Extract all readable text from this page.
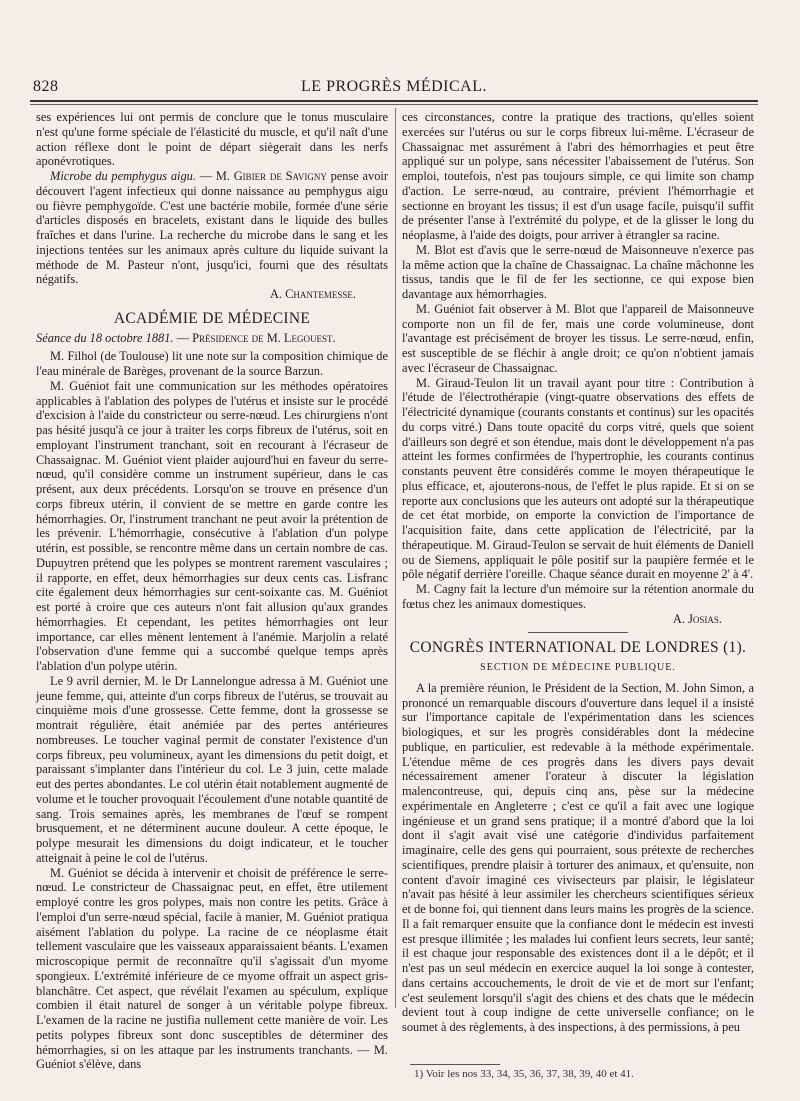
828	LE PROGRÈS MÉDICAL.

ses expériences lui ont permis de conclure que le tonus musculaire n'est qu'une forme spéciale de l'élasticité du muscle, et qu'il naît d'une action réflexe dont le point de départ siègerait dans les nerfs aponévrotiques.

Microbe du pemphygus aigu. — M. Gibier de Savigny pense avoir découvert l'agent infectieux qui donne naissance au pemphygus aigu ou fièvre pemphygoïde. C'est une bactérie mobile, formée d'une série d'articles disposés en bracelets, existant dans le liquide des bulles fraîches et dans l'urine. La recherche du microbe dans le sang et les injections tentées sur les animaux après culture du liquide suivant la méthode de M. Pasteur n'ont, jusqu'ici, fourni que des résultats négatifs.

A. Chantemesse.

ACADÉMIE DE MÉDECINE

Séance du 18 octobre 1881. — Présidence de M. Legouest.

M. Filhol (de Toulouse) lit une note sur la composition chimique de l'eau minérale de Barèges, provenant de la source Barzun.

M. Guéniot fait une communication sur les méthodes opératoires applicables à l'ablation des polypes de l'utérus et insiste sur le procédé d'excision à l'aide du constricteur ou serre-nœud. Les chirurgiens n'ont pas hésité jusqu'à ce jour à traiter les corps fibreux de l'utérus, soit en employant l'instrument tranchant, soit en recourant à l'écraseur de Chassaignac. M. Guéniot vient plaider aujourd'hui en faveur du serre-nœud, qu'il considère comme un instrument supérieur, dans le cas présent, aux deux précédents. Lorsqu'on se trouve en présence d'un corps fibreux utérin, il convient de se mettre en garde contre les hémorrhagies. Or, l'instrument tranchant ne peut avoir la prétention de les prévenir. L'hémorrhagie, consécutive à l'ablation d'un polype utérin, est possible, se rencontre même dans un certain nombre de cas. Dupuytren prétend que les polypes se montrent rarement vasculaires ; il rapporte, en effet, deux hémorrhagies sur deux cents cas. Lisfranc cite également deux hémorrhagies sur cent-soixante cas. M. Guéniot est porté à croire que ces auteurs n'ont fait allusion qu'aux grandes hémorrhagies. Et cependant, les petites hémorrhagies ont leur importance, car elles mènent lentement à l'anémie. Marjolin a relaté l'observation d'une femme qui a succombé quelque temps après l'ablation d'un polype utérin.

Le 9 avril dernier, M. le Dr Lannelongue adressa à M. Guéniot une jeune femme, qui, atteinte d'un corps fibreux de l'utérus, se trouvait au cinquième mois d'une grossesse. Cette femme, dont la grossesse se montrait régulière, était anémiée par des pertes antérieures nombreuses. Le toucher vaginal permit de constater l'existence d'un corps fibreux, peu volumineux, ayant les dimensions du petit doigt, et paraissant s'implanter dans l'intérieur du col. Le 3 juin, cette malade eut des pertes abondantes. Le col utérin était notablement augmenté de volume et le toucher provoquait l'écoulement d'une notable quantité de sang. Trois semaines après, les membranes de l'œuf se rompent brusquement, et ne déterminent aucune douleur. A cette époque, le polype mesurait les dimensions du doigt indicateur, et le toucher atteignait à peine le col de l'utérus.

M. Guéniot se décida à intervenir et choisit de préférence le serre-nœud. Le constricteur de Chassaignac peut, en effet, être utilement employé contre les gros polypes, mais non contre les petits. Grâce à l'emploi d'un serre-nœud spécial, facile à manier, M. Guéniot pratiqua aisément l'ablation du polype. La racine de ce néoplasme était tellement vasculaire que les vaisseaux apparaissaient béants. L'examen microscopique permit de reconnaître qu'il s'agissait d'un myome spongieux. L'extrémité inférieure de ce myome offrait un aspect gris-blanchâtre. Cet aspect, que révélait l'examen au spéculum, explique combien il était naturel de songer à un véritable polype fibreux. L'examen de la racine ne justifia nullement cette manière de voir. Les petits polypes fibreux sont donc susceptibles de déterminer des hémorrhagies, si on les attaque par les instruments tranchants. — M. Guéniot s'élève, dans

ces circonstances, contre la pratique des tractions, qu'elles soient exercées sur l'utérus ou sur le corps fibreux lui-même. L'écraseur de Chassaignac met assurément à l'abri des hémorrhagies et peut être appliqué sur un polype, sans nécessiter l'abaissement de l'utérus. Son emploi, toutefois, n'est pas toujours simple, ce qui limite son champ d'action. Le serre-nœud, au contraire, prévient l'hémorrhagie et sectionne en broyant les tissus; il est d'un usage facile, puisqu'il suffit de présenter l'anse à l'extrémité du polype, et de la glisser le long du néoplasme, à l'aide des doigts, pour arriver à étrangler sa racine.

M. Blot est d'avis que le serre-nœud de Maisonneuve n'exerce pas la même action que la chaîne de Chassaignac. La chaîne mâchonne les tissus, tandis que le fil de fer les sectionne, ce qui expose bien davantage aux hémorrhagies.

M. Guéniot fait observer à M. Blot que l'appareil de Maisonneuve comporte non un fil de fer, mais une corde volumineuse, dont l'avantage est précisément de broyer les tissus. Le serre-nœud, enfin, est susceptible de se fléchir à angle droit; ce qu'on n'obtient jamais avec l'écraseur de Chassaignac.

M. Giraud-Teulon lit un travail ayant pour titre : Contribution à l'étude de l'électrothérapie (vingt-quatre observations des effets de l'électricité dynamique (courants constants et continus) sur les opacités du corps vitré.) Dans toute opacité du corps vitré, quels que soient d'ailleurs son degré et son étendue, mais dont le développement n'a pas atteint les formes confirmées de l'hypertrophie, les courants continus constants peuvent être considérés comme le moyen thérapeutique le plus efficace, et, ajouterons-nous, de l'effet le plus rapide. Et si on se reporte aux conclusions que les auteurs ont adopté sur la thérapeutique de cet état morbide, on emporte la conviction de l'importance de l'acquisition faite, dans cette application de l'électricité, par la thérapeutique. M. Giraud-Teulon se servait de huit éléments de Daniell ou de Siemens, appliquait le pôle positif sur la paupière fermée et le pôle négatif derrière l'oreille. Chaque séance durait en moyenne 2' à 4'.

M. Cagny fait la lecture d'un mémoire sur la rétention anormale du fœtus chez les animaux domestiques.

A. Josias.

CONGRÈS INTERNATIONAL DE LONDRES (1).
SECTION DE MÉDECINE PUBLIQUE.

A la première réunion, le Président de la Section, M. John Simon, a prononcé un remarquable discours d'ouverture dans lequel il a insisté sur l'importance capitale de l'expérimentation dans les sciences biologiques, et sur les progrès considérables dont la médecine publique, en particulier, est redevable à la méthode expérimentale. L'étendue même de ces progrès dans les divers pays devait nécessairement amener l'orateur à discuter la législation malencontreuse, qui, depuis cinq ans, pèse sur la médecine expérimentale en Angleterre ; c'est ce qu'il a fait avec une logique ingénieuse et un grand sens pratique; il a montré d'abord que la loi dont il s'agit avait visé une catégorie d'individus parfaitement imaginaire, celle des gens qui pourraient, sous prétexte de recherches scientifiques, prendre plaisir à torturer des animaux, et qu'ensuite, non content d'avoir imaginé ces vivisecteurs par plaisir, le législateur n'avait pas hésité à leur assimiler les chercheurs scientifiques sérieux et de bonne foi, qui tiennent dans leurs mains les progrès de la science. Il a fait remarquer ensuite que la confiance dont le médecin est investi est presque illimitée ; les malades lui confient leurs secrets, leur santé; il est chaque jour responsable des existences dont il a le dépôt; et il n'est pas un seul médecin en exercice auquel la loi songe à contester, dans certains accouchements, le droit de vie et de mort sur l'enfant; c'est seulement lorsqu'il s'agit des chiens et des chats que le médecin devient tout à coup indigne de cette universelle confiance; on le soumet à des règlements, à des inspections, à des permissions, à peu

1) Voir les nos 33, 34, 35, 36, 37, 38, 39, 40 et 41.
